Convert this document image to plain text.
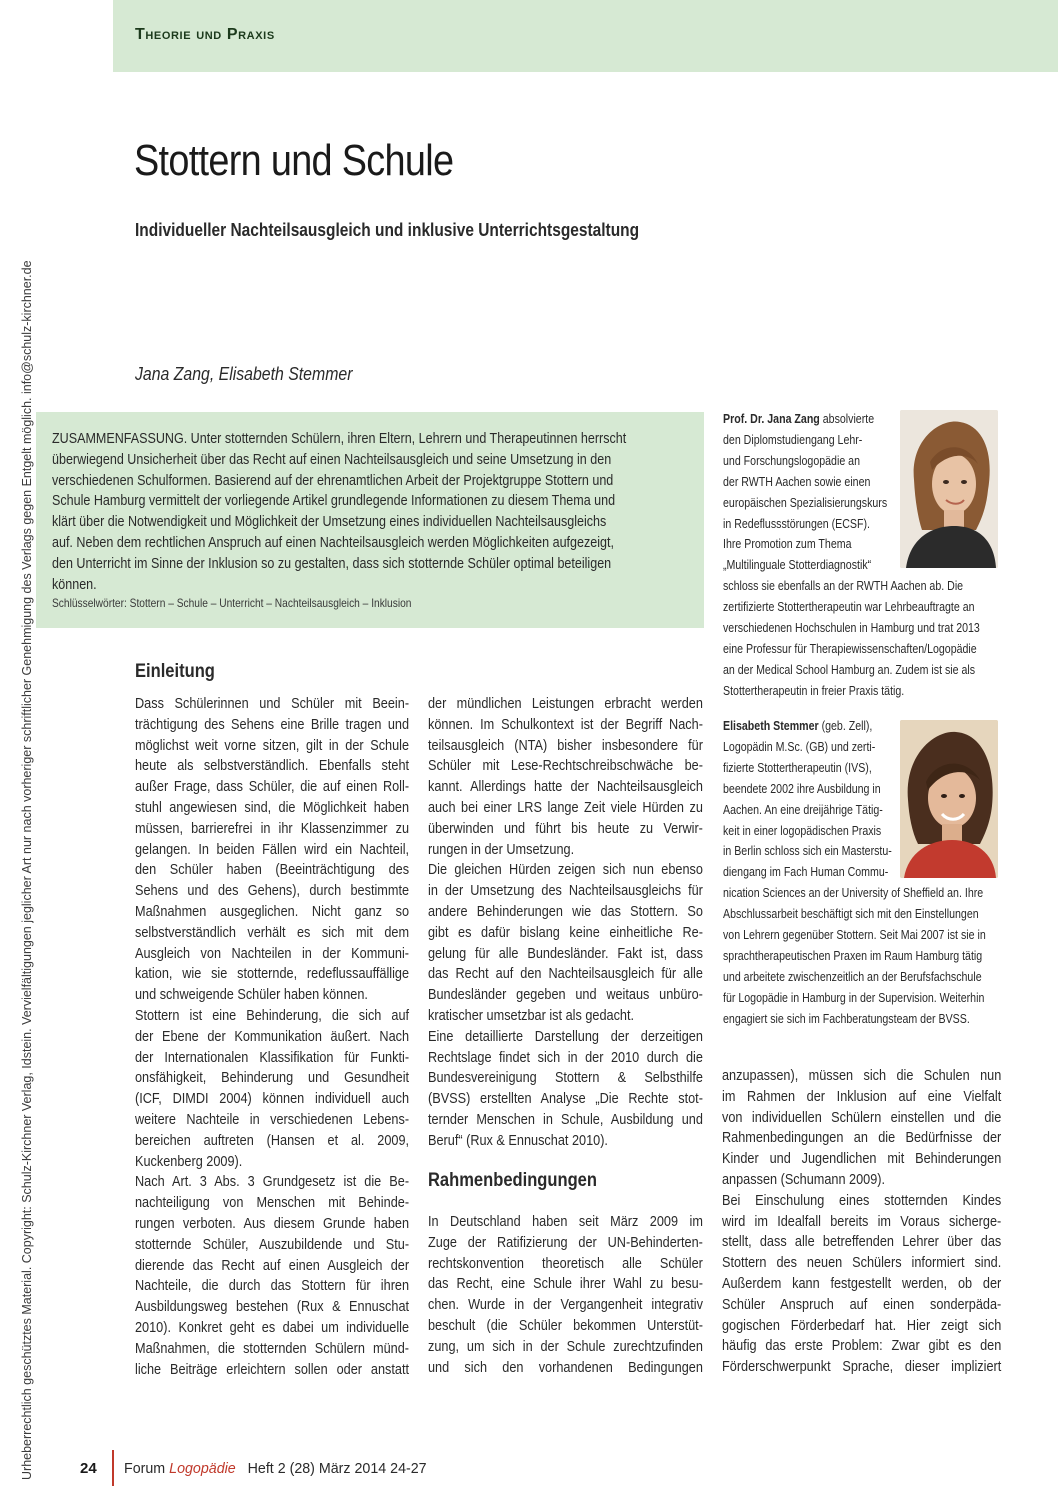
Theorie und Praxis
Urheberrechtlich geschütztes Material. Copyright: Schulz-Kirchner Verlag, Idstein. Vervielfältigungen jeglicher Art nur nach vorheriger schriftlicher Genehmigung des Verlags gegen Entgelt möglich. info@schulz-kirchner.de
Stottern und Schule
Individueller Nachteilsausgleich und inklusive Unterrichtsgestaltung
Jana Zang, Elisabeth Stemmer
ZUSAMMENFASSUNG. Unter stotternden Schülern, ihren Eltern, Lehrern und Therapeutinnen herrscht
überwiegend Unsicherheit über das Recht auf einen Nachteilsausgleich und seine Umsetzung in den
verschiedenen Schulformen. Basierend auf der ehrenamtlichen Arbeit der Projektgruppe Stottern und
Schule Hamburg vermittelt der vorliegende Artikel grundlegende Informationen zu diesem Thema und
klärt über die Notwendigkeit und Möglichkeit der Umsetzung eines individuellen Nachteilsausgleichs
auf. Neben dem rechtlichen Anspruch auf einen Nachteilsausgleich werden Möglichkeiten aufgezeigt,
den Unterricht im Sinne der Inklusion so zu gestalten, dass sich stotternde Schüler optimal beteiligen
können.
Schlüsselwörter: Stottern – Schule – Unterricht – Nachteilsausgleich – Inklusion
Prof. Dr. Jana Zang absolvierte
den Diplomstudiengang Lehr-
und Forschungslogopädie an
der RWTH Aachen sowie einen
europäischen Spezialisierungskurs
in Redeflussstörungen (ECSF).
Ihre Promotion zum Thema
„Multilinguale Stotterdiagnostik“
schloss sie ebenfalls an der RWTH Aachen ab. Die
zertifizierte Stottertherapeutin war Lehrbeauftragte an
verschiedenen Hochschulen in Hamburg und trat 2013
eine Professur für Therapiewissenschaften/Logopädie
an der Medical School Hamburg an. Zudem ist sie als
Stottertherapeutin in freier Praxis tätig.
Elisabeth Stemmer (geb. Zell),
Logopädin M.Sc. (GB) und zerti-
fizierte Stottertherapeutin (IVS),
beendete 2002 ihre Ausbildung in
Aachen. An eine dreijährige Tätig-
keit in einer logopädischen Praxis
in Berlin schloss sich ein Masterstu-
diengang im Fach Human Commu-
nication Sciences an der University of Sheffield an. Ihre
Abschlussarbeit beschäftigt sich mit den Einstellungen
von Lehrern gegenüber Stottern. Seit Mai 2007 ist sie in
sprachtherapeutischen Praxen im Raum Hamburg tätig
und arbeitete zwischenzeitlich an der Berufsfachschule
für Logopädie in Hamburg in der Supervision. Weiterhin
engagiert sie sich im Fachberatungsteam der BVSS.
Einleitung
Dass Schülerinnen und Schüler mit Beein-
trächtigung des Sehens eine Brille tragen und
möglichst weit vorne sitzen, gilt in der Schule
heute als selbstverständlich. Ebenfalls steht
außer Frage, dass Schüler, die auf einen Roll-
stuhl angewiesen sind, die Möglichkeit haben
müssen, barrierefrei in ihr Klassenzimmer zu
gelangen. In beiden Fällen wird ein Nachteil,
den Schüler haben (Beeinträchtigung des
Sehens und des Gehens), durch bestimmte
Maßnahmen ausgeglichen. Nicht ganz so
selbstverständlich verhält es sich mit dem
Ausgleich von Nachteilen in der Kommuni-
kation, wie sie stotternde, redeflussauffällige
und schweigende Schüler haben können.
Stottern ist eine Behinderung, die sich auf
der Ebene der Kommunikation äußert. Nach
der Internationalen Klassifikation für Funkti-
onsfähigkeit, Behinderung und Gesundheit
(ICF, DIMDI 2004) können individuell auch
weitere Nachteile in verschiedenen Lebens-
bereichen auftreten (Hansen et al. 2009,
Kuckenberg 2009).
Nach Art. 3 Abs. 3 Grundgesetz ist die Be-
nachteiligung von Menschen mit Behinde-
rungen verboten. Aus diesem Grunde haben
stotternde Schüler, Auszubildende und Stu-
dierende das Recht auf einen Ausgleich der
Nachteile, die durch das Stottern für ihren
Ausbildungsweg bestehen (Rux & Ennuschat
2010). Konkret geht es dabei um individuelle
Maßnahmen, die stotternden Schülern münd-
liche Beiträge erleichtern sollen oder anstatt
der mündlichen Leistungen erbracht werden
können. Im Schulkontext ist der Begriff Nach-
teilsausgleich (NTA) bisher insbesondere für
Schüler mit Lese-Rechtschreibschwäche be-
kannt. Allerdings hatte der Nachteilsausgleich
auch bei einer LRS lange Zeit viele Hürden zu
überwinden und führt bis heute zu Verwir-
rungen in der Umsetzung.
Die gleichen Hürden zeigen sich nun ebenso
in der Umsetzung des Nachteilsausgleichs für
andere Behinderungen wie das Stottern. So
gibt es dafür bislang keine einheitliche Re-
gelung für alle Bundesländer. Fakt ist, dass
das Recht auf den Nachteilsausgleich für alle
Bundesländer gegeben und weitaus unbüro-
kratischer umsetzbar ist als gedacht.
Eine detaillierte Darstellung der derzeitigen
Rechtslage findet sich in der 2010 durch die
Bundesvereinigung Stottern & Selbsthilfe
(BVSS) erstellten Analyse „Die Rechte stot-
ternder Menschen in Schule, Ausbildung und
Beruf“ (Rux & Ennuschat 2010).
Rahmenbedingungen
In Deutschland haben seit März 2009 im
Zuge der Ratifizierung der UN-Behinderten-
rechtskonvention theoretisch alle Schüler
das Recht, eine Schule ihrer Wahl zu besu-
chen. Wurde in der Vergangenheit integrativ
beschult (die Schüler bekommen Unterstüt-
zung, um sich in der Schule zurechtzufinden
und sich den vorhandenen Bedingungen
anzupassen), müssen sich die Schulen nun
im Rahmen der Inklusion auf eine Vielfalt
von individuellen Schülern einstellen und die
Rahmenbedingungen an die Bedürfnisse der
Kinder und Jugendlichen mit Behinderungen
anpassen (Schumann 2009).
Bei Einschulung eines stotternden Kindes
wird im Idealfall bereits im Voraus sicherge-
stellt, dass alle betreffenden Lehrer über das
Stottern des neuen Schülers informiert sind.
Außerdem kann festgestellt werden, ob der
Schüler Anspruch auf einen sonderpäda-
gogischen Förderbedarf hat. Hier zeigt sich
häufig das erste Problem: Zwar gibt es den
Förderschwerpunkt Sprache, dieser impliziert
24 Forum Logopädie Heft 2 (28) März 2014 24-27
